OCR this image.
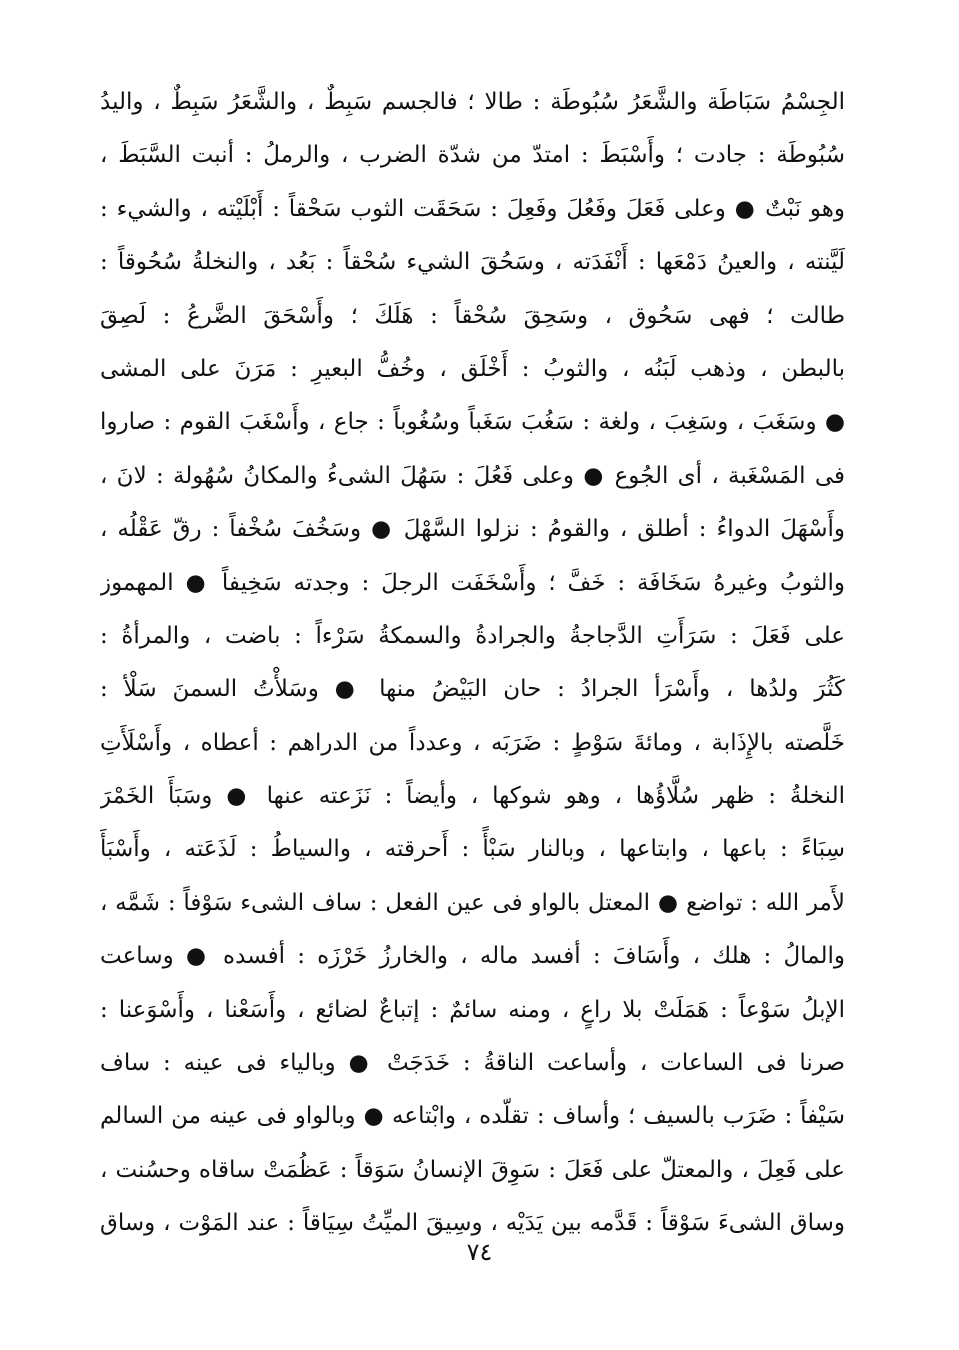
الجِسْمُ سَبَاطَة والشَّعَرُ سُبُوطَة : طالا ؛ فالجسم سَبِطٌ ، والشَّعَرُ سَبِطٌ ، واليدُ
سُبُوطَة : جادت ؛ وأَسْبَطَ : امتدّ من شدّة الضرب ، والرملُ : أنبت السَّبَطَ ،
وهو نَبْتٌ ● وعلى فَعَلَ وفَعُلَ وفَعِلَ : سَحَقَت الثوب سَحْقاً : أَبْلَيْته ، والشيء :
لَيَّنته ، والعينُ دَمْعَها : أَنْفَدَته ، وسَحُقَ الشيء سُحْقاً : بَعُد ، والنخلةُ سُحُوقاً :
طالت ؛ فهى سَحُوق ، وسَحِقَ سُحْقاً : هَلَكَ ؛ وأَسْحَقَ الضَّرعُ : لَصِقَ
بالبطن ، وذهب لَبَنُه ، والثوبُ : أَخْلَق ، وخُفُّ البعيرِ : مَرَنَ على المشى
● وسَغَبَ ، وسَغِبَ ، ولغة : سَغُبَ سَغَباً وسُغُوباً : جاع ، وأَسْغَبَ القوم : صاروا
فى المَسْغَبة ، أى الجُوع ● وعلى فَعُلَ : سَهُلَ الشىءُ والمكانُ سُهُولة : لانَ ،
وأَسْهَلَ الدواءُ : أطلق ، والقومُ : نزلوا السَّهْلَ ● وسَخُفَ سُخْفاً : رقّ عَقْلُه ،
والثوبُ وغيرهُ سَخَافَة : خَفَّ ؛ وأَسْخَفَت الرجلَ : وجدته سَخِيفاً ● المهموز
على فَعَلَ : سَرَأَتِ الدَّجاجةُ والجرادةُ والسمكةُ سَرْءاً : باضت ، والمرأةُ :
كَثُرَ ولدُها ، وأَسْرَأ الجرادُ : حان البَيْضُ منها ● وسَلأْتُ السمنَ سَلْأ :
خَلَّصته بالإِذَابة ، ومائةَ سَوْطٍ : ضَرَبَه ، وعدداً من الدراهم : أعطاه ، وأَسْلَأَتِ
النخلةُ : ظهر سُلَّاؤُها ، وهو شوكها ، وأيضاً : نَزَعته عنها ● وسَبَأَ الخَمْرَ
سِبَاءً : باعها ، وابتاعها ، وبالنار سَبْأً : أَحرقته ، والسياطُ : لَذَعَته ، وأَسْبَأَ
لأَمر الله : تواضع ● المعتل بالواو فى عين الفعل : ساف الشىء سَوْفاً : شَمَّه ،
والمالُ : هلك ، وأَسَافَ : أفسد ماله ، والخارزُ خَرْزَه : أفسده ● وساعت
الإبلُ سَوْعاً : هَمَلَتْ بلا راعٍ ، ومنه سائمٌ : إتباعٌ لضائع ، وأَسَعْنا ، وأَسْوَعنا :
صرنا فى الساعات ، وأساعت الناقةُ : خَدَجَتْ ● وبالياء فى عينه : ساف
سَيْفاً : ضَرَب بالسيف ؛ وأساف : تقلّده ، وابْتاعه ● وبالواو فى عينه من السالم
على فَعِلَ ، والمعتلّ على فَعَلَ : سَوِقَ الإنسانُ سَوَقاً : عَظُمَتْ ساقاه وحسُنت ،
وساق الشىءَ سَوْقاً : قَدَّمه بين يَدَيْه ، وسِيقَ الميِّتُ سِيَاقاً : عند المَوْت ، وساق
٧٤
